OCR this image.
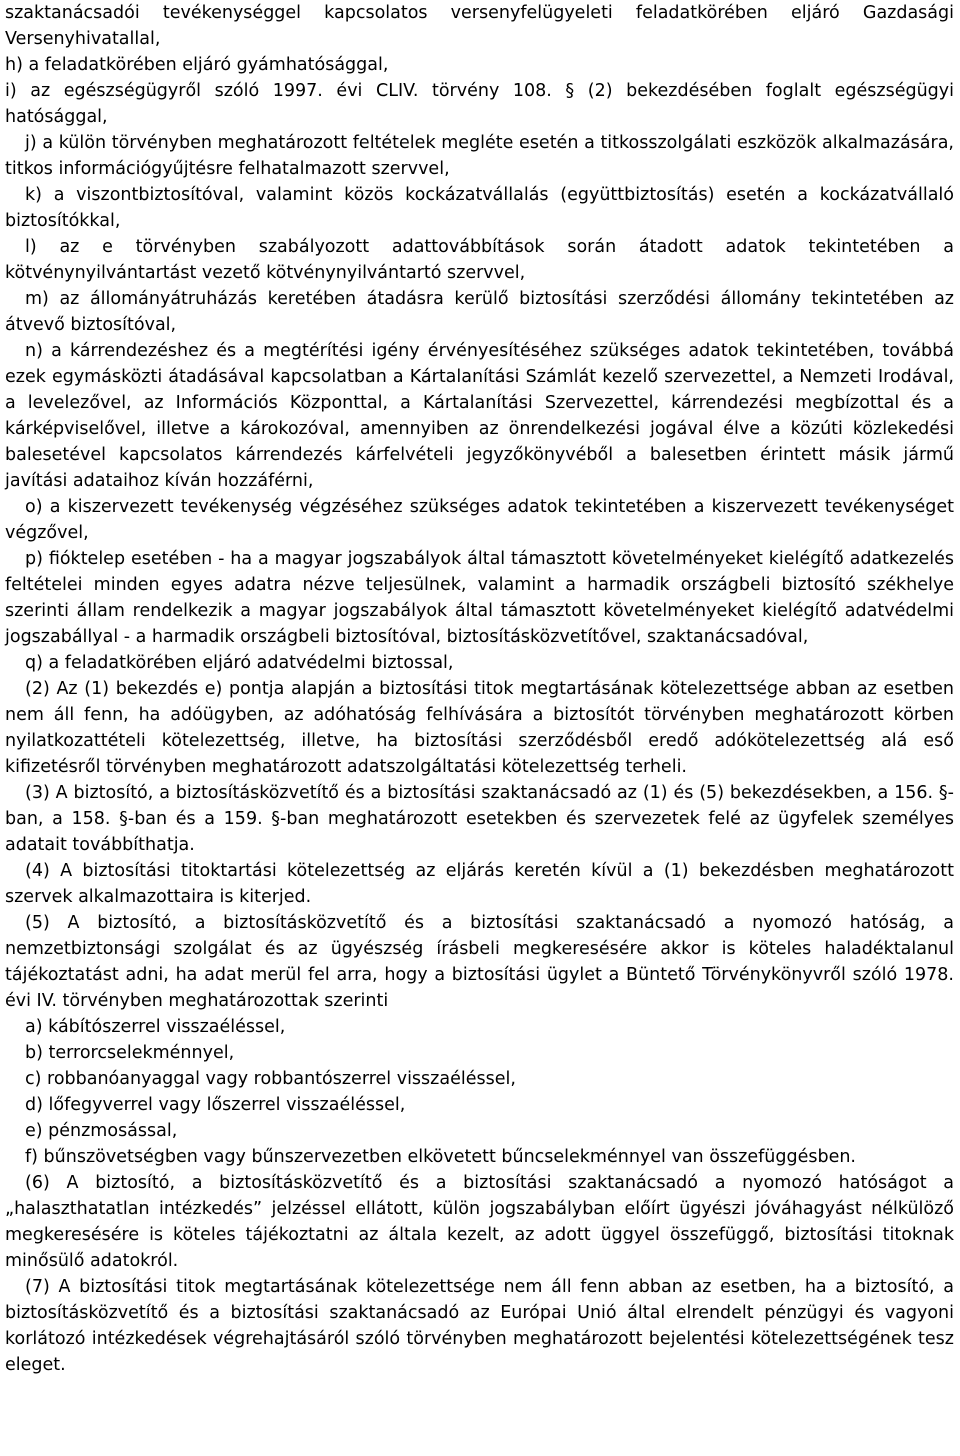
szaktanácsadói tevékenységgel kapcsolatos versenyfelügyeleti feladatkörében eljáró Gazdasági Versenyhivatallal,

h) a feladatkörében eljáró gyámhatósággal,

i) az egészségügyről szóló 1997. évi CLIV. törvény 108. § (2) bekezdésében foglalt egészségügyi hatósággal,

j) a külön törvényben meghatározott feltételek megléte esetén a titkosszolgálati eszközök alkalmazására, titkos információgyűjtésre felhatalmazott szervvel,

k) a viszontbiztosítóval, valamint közös kockázatvállalás (együttbiztosítás) esetén a kockázatvállaló biztosítókkal,

l) az e törvényben szabályozott adattovábbítások során átadott adatok tekintetében a kötvénynyilvántartást vezető kötvénynyilvántartó szervvel,

m) az állományátruházás keretében átadásra kerülő biztosítási szerződési állomány tekintetében az átvevő biztosítóval,

n) a kárrendezéshez és a megtérítési igény érvényesítéséhez szükséges adatok tekintetében, továbbá ezek egymásközti átadásával kapcsolatban a Kártalanítási Számlát kezelő szervezettel, a Nemzeti Irodával, a levelezővel, az Információs Központtal, a Kártalanítási Szervezettel, kárrendezési megbízottal és a kárképviselővel, illetve a károkozóval, amennyiben az önrendelkezési jogával élve a közúti közlekedési balesetével kapcsolatos kárrendezés kárfelvételi jegyzőkönyvéből a balesetben érintett másik jármű javítási adataihoz kíván hozzáférni,

o) a kiszervezett tevékenység végzéséhez szükséges adatok tekintetében a kiszervezett tevékenységet végzővel,

p) fióktelep esetében - ha a magyar jogszabályok által támasztott követelményeket kielégítő adatkezelés feltételei minden egyes adatra nézve teljesülnek, valamint a harmadik országbeli biztosító székhelye szerinti állam rendelkezik a magyar jogszabályok által támasztott követelményeket kielégítő adatvédelmi jogszabállyal - a harmadik országbeli biztosítóval, biztosításközvetítővel, szaktanácsadóval,

q) a feladatkörében eljáró adatvédelmi biztossal,

(2) Az (1) bekezdés e) pontja alapján a biztosítási titok megtartásának kötelezettsége abban az esetben nem áll fenn, ha adóügyben, az adóhatóság felhívására a biztosítót törvényben meghatározott körben nyilatkozattételi kötelezettség, illetve, ha biztosítási szerződésből eredő adókötelezettség alá eső kifizetésről törvényben meghatározott adatszolgáltatási kötelezettség terheli.

(3) A biztosító, a biztosításközvetítő és a biztosítási szaktanácsadó az (1) és (5) bekezdésekben, a 156. §-ban, a 158. §-ban és a 159. §-ban meghatározott esetekben és szervezetek felé az ügyfelek személyes adatait továbbíthatja.

(4) A biztosítási titoktartási kötelezettség az eljárás keretén kívül a (1) bekezdésben meghatározott szervek alkalmazottaira is kiterjed.

(5) A biztosító, a biztosításközvetítő és a biztosítási szaktanácsadó a nyomozó hatóság, a nemzetbiztonsági szolgálat és az ügyészség írásbeli megkeresésére akkor is köteles haladéktalanul tájékoztatást adni, ha adat merül fel arra, hogy a biztosítási ügylet a Büntető Törvénykönyvről szóló 1978. évi IV. törvényben meghatározottak szerinti

a) kábítószerrel visszaéléssel,

b) terrorcselekménnyel,

c) robbanóanyaggal vagy robbantószerrel visszaéléssel,

d) lőfegyverrel vagy lőszerrel visszaéléssel,

e) pénzmosással,

f) bűnszövetségben vagy bűnszervezetben elkövetett bűncselekménnyel van összefüggésben.

(6) A biztosító, a biztosításközvetítő és a biztosítási szaktanácsadó a nyomozó hatóságot a „halaszthatatlan intézkedés” jelzéssel ellátott, külön jogszabályban előírt ügyészi jóváhagyást nélkülöző megkeresésére is köteles tájékoztatni az általa kezelt, az adott üggyel összefüggő, biztosítási titoknak minősülő adatokról.

(7) A biztosítási titok megtartásának kötelezettsége nem áll fenn abban az esetben, ha a biztosító, a biztosításközvetítő és a biztosítási szaktanácsadó az Európai Unió által elrendelt pénzügyi és vagyoni korlátozó intézkedések végrehajtásáról szóló törvényben meghatározott bejelentési kötelezettségének tesz eleget.
